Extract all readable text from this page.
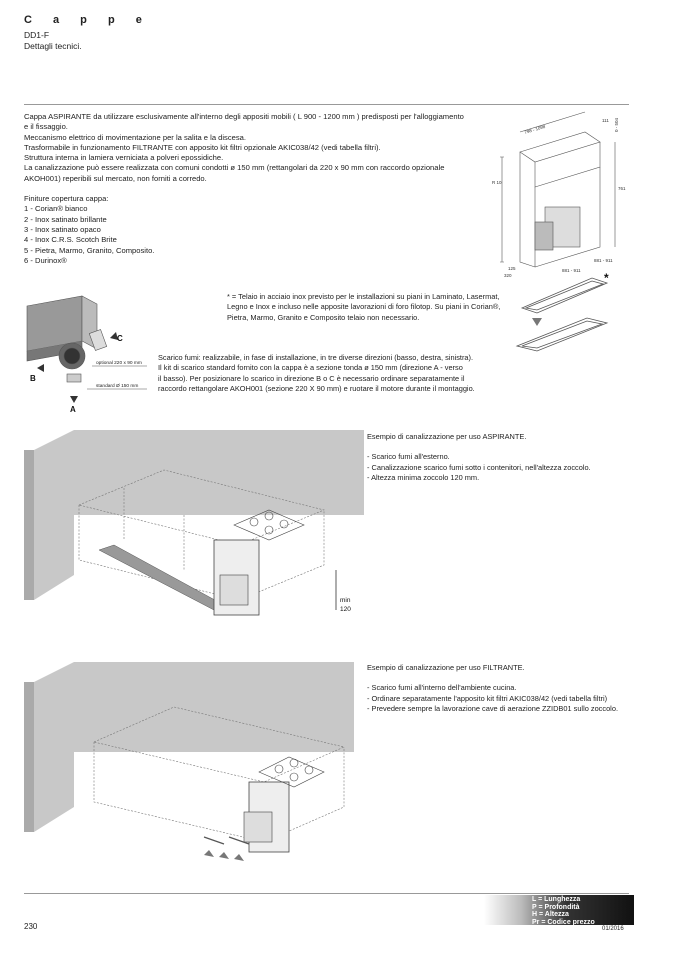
C a p p e
DD1-F
Dettagli tecnici.
Cappa ASPIRANTE da utilizzare esclusivamente all'interno degli appositi mobili ( L 900 - 1200 mm ) predisposti per l'alloggiamento
e il fissaggio.
Meccanismo elettrico di movimentazione per la salita e la discesa.
Trasformabile in funzionamento FILTRANTE con apposito kit filtri opzionale AKIC038/42 (vedi tabella filtri).
Struttura interna in lamiera verniciata a polveri epossidiche.
La canalizzazione può essere realizzata con comuni condotti ø 150 mm (rettangolari da 220 x 90 mm con raccordo opzionale
AKOH001) reperibili sul mercato, non forniti a corredo.
Finiture copertura cappa:
1 - Corian® bianco
2 - Inox satinato brillante
3 - Inox satinato opaco
4 - Inox C.R.S. Scotch Brite
5 - Pietra, Marmo, Granito, Composito.
6 - Durinox®
798 - 1098
111 0 - 504
761
R 10
125
320
881 - 911
881 - 911
*
* = Telaio in acciaio inox previsto per le installazioni su piani in Laminato, Lasermat,
Legno e Inox e incluso nelle apposite lavorazioni di foro filotop. Su piani in Corian®,
Pietra, Marmo, Granito e Composito telaio non necessario.
B
C
A
optional 220 x 90 mm
standard Ø 150 mm
Scarico fumi: realizzabile, in fase di installazione, in tre diverse direzioni (basso, destra, sinistra).
Il kit di scarico standard fornito con la cappa è a sezione tonda ø 150 mm (direzione A - verso
il basso). Per posizionare lo scarico in direzione B o C è necessario ordinare separatamente il
raccordo rettangolare AKOH001 (sezione 220 X 90 mm) e ruotare il motore durante il montaggio.
min
120
Esempio di canalizzazione per uso ASPIRANTE.
- Scarico fumi all'esterno.
- Canalizzazione scarico fumi sotto i contenitori, nell'altezza zoccolo.
- Altezza minima zoccolo 120 mm.
Esempio di canalizzazione per uso FILTRANTE.
- Scarico fumi all'interno dell'ambiente cucina.
- Ordinare separatamente l'apposito kit filtri AKIC038/42 (vedi tabella filtri)
- Prevedere sempre la lavorazione cave di aerazione ZZIDB01 sullo zoccolo.
L = Lunghezza
P = Profondità
H = Altezza
Pr = Codice prezzo
230	01/2016
